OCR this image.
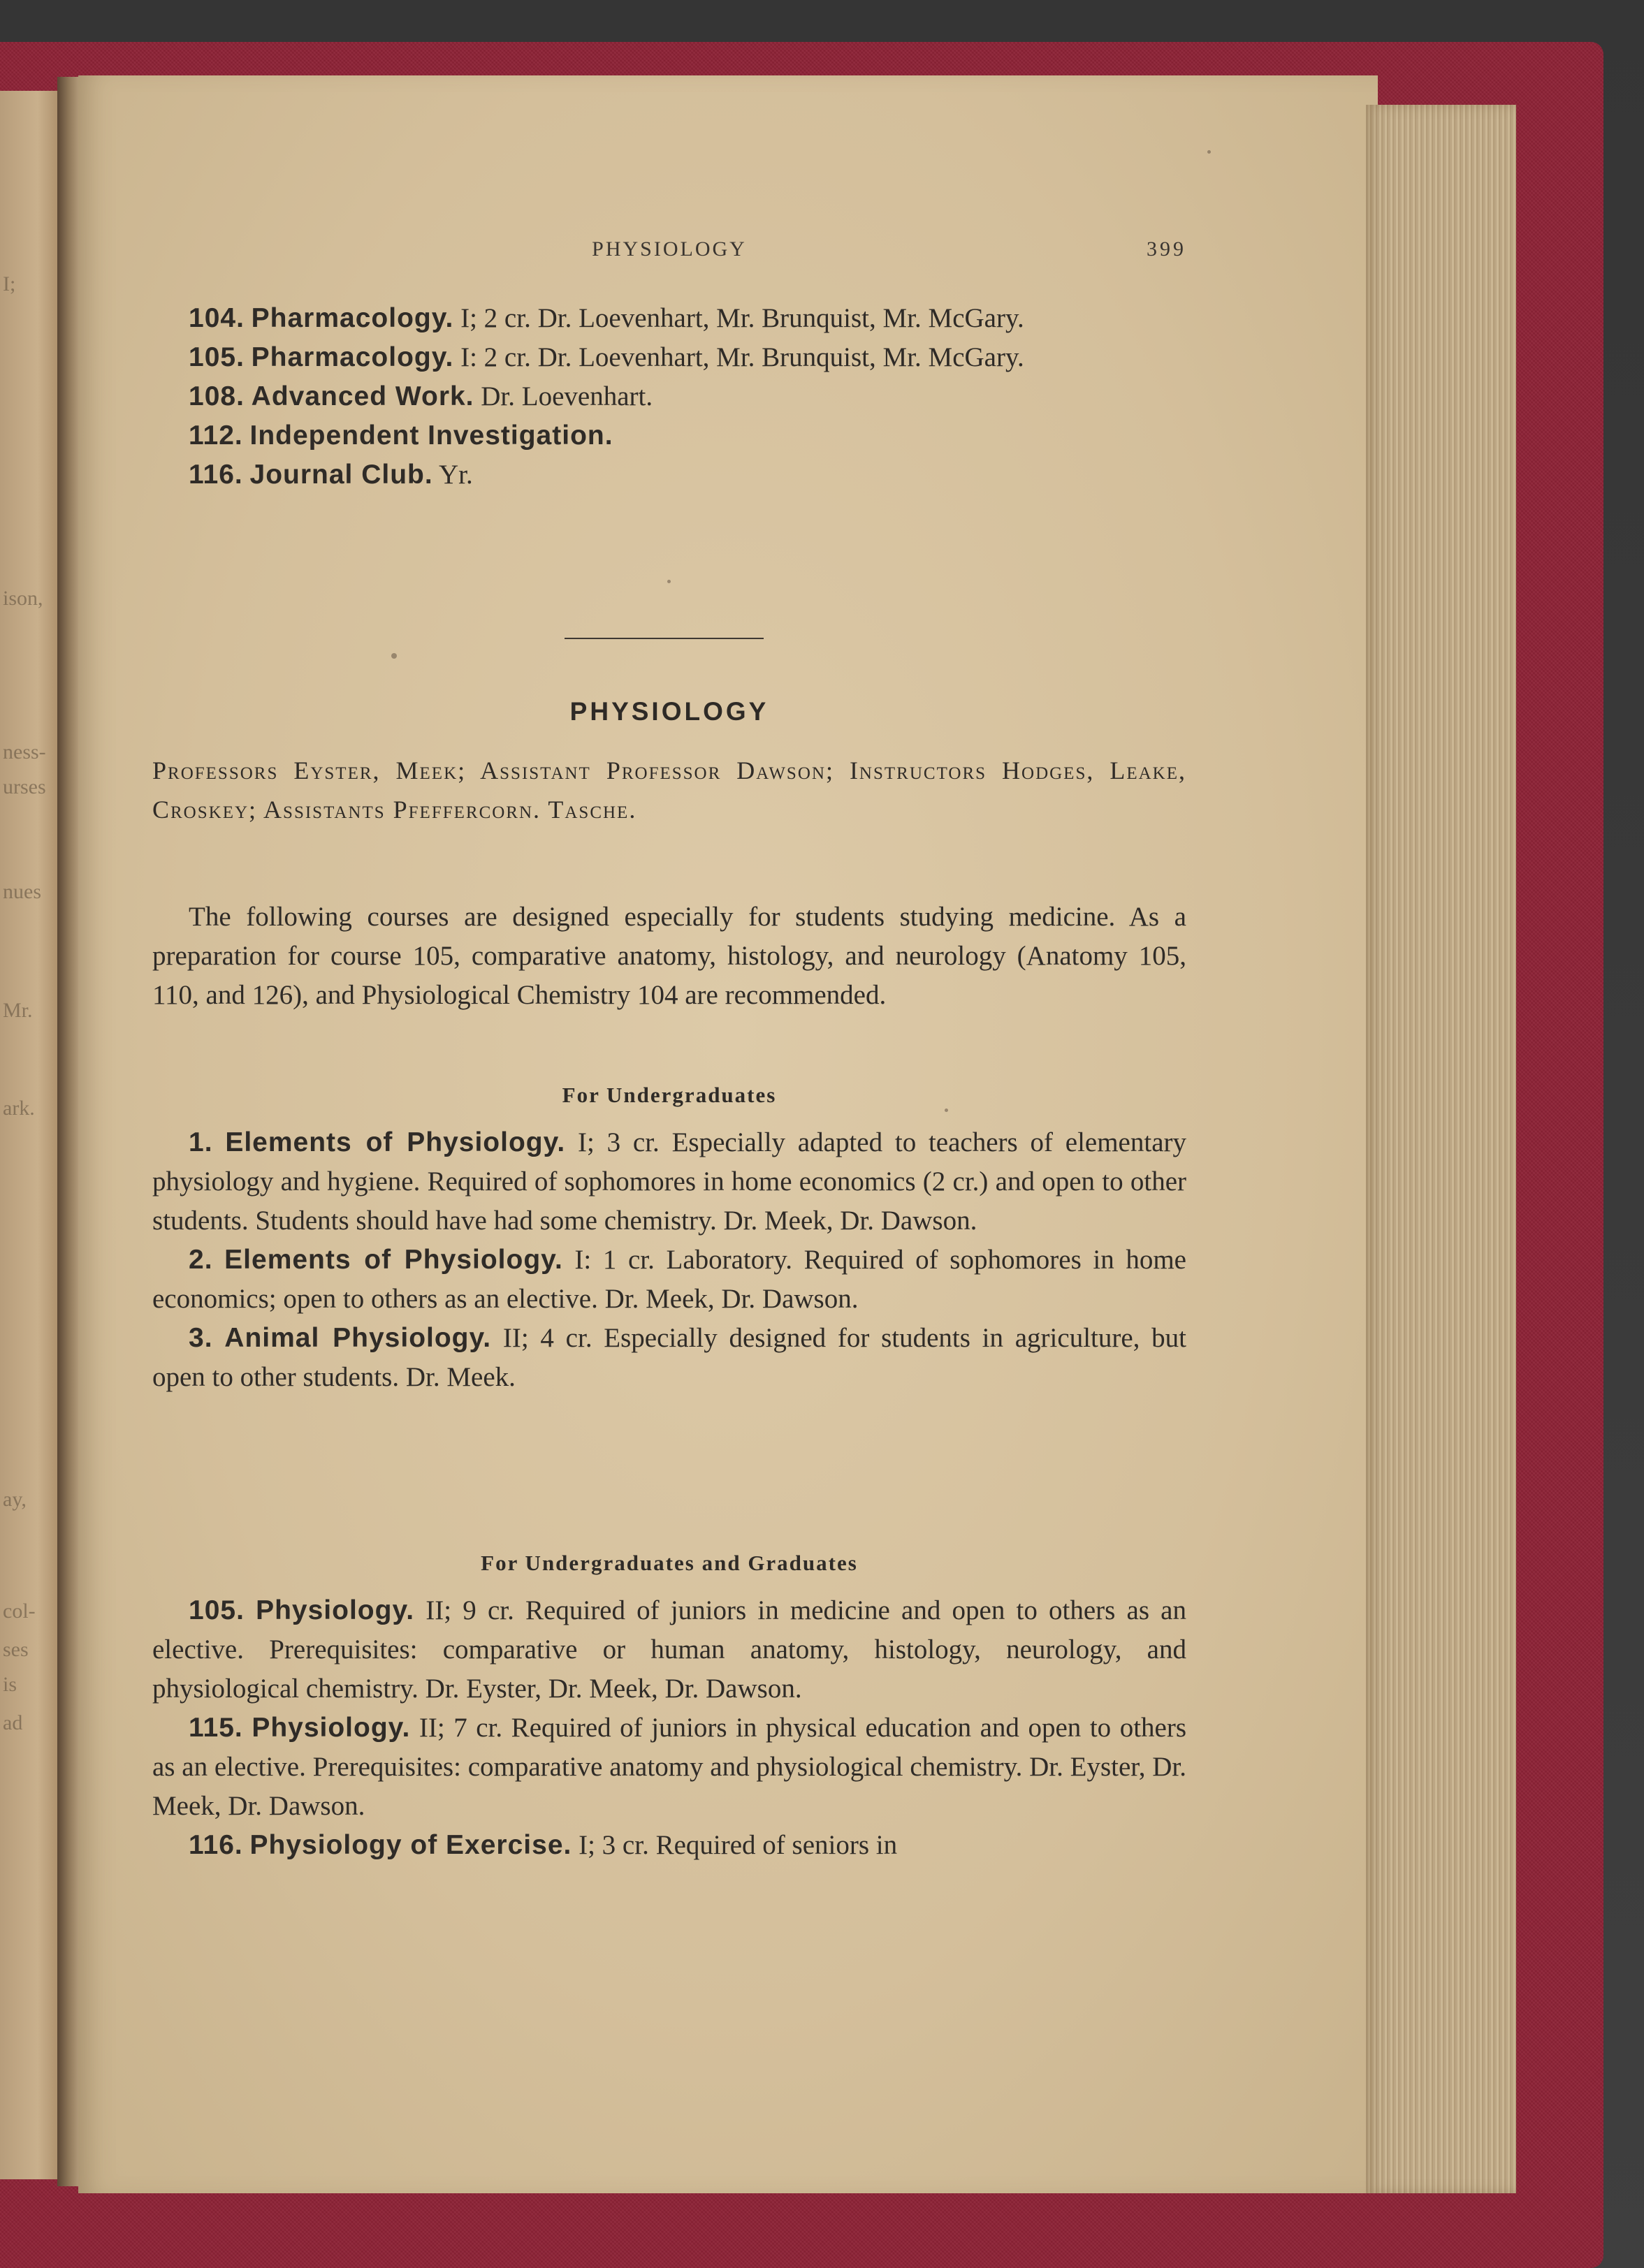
I;
ison,
ness-
urses
nues
Mr.
ark.
ay,
col-
ses
is
ad
PHYSIOLOGY	399

104. Pharmacology. I; 2 cr. Dr. Loevenhart, Mr. Brunquist, Mr. McGary.

105. Pharmacology. I: 2 cr. Dr. Loevenhart, Mr. Brunquist, Mr. McGary.

108. Advanced Work. Dr. Loevenhart.

112. Independent Investigation.

116. Journal Club. Yr.

PHYSIOLOGY
Professors Eyster, Meek; Assistant Professor Dawson; Instructors Hodges, Leake, Croskey; Assistants Pfeffercorn. Tasche.

The following courses are designed especially for students studying medicine. As a preparation for course 105, comparative anatomy, histology, and neurology (Anatomy 105, 110, and 126), and Physiological Chemistry 104 are recommended.

For Undergraduates

1. Elements of Physiology. I; 3 cr. Especially adapted to teachers of elementary physiology and hygiene. Required of sophomores in home economics (2 cr.) and open to other students. Students should have had some chemistry. Dr. Meek, Dr. Dawson.

2. Elements of Physiology. I: 1 cr. Laboratory. Required of sophomores in home economics; open to others as an elective. Dr. Meek, Dr. Dawson.

3. Animal Physiology. II; 4 cr. Especially designed for students in agriculture, but open to other students. Dr. Meek.

For Undergraduates and Graduates

105. Physiology. II; 9 cr. Required of juniors in medicine and open to others as an elective. Prerequisites: comparative or human anatomy, histology, neurology, and physiological chemistry. Dr. Eyster, Dr. Meek, Dr. Dawson.

115. Physiology. II; 7 cr. Required of juniors in physical education and open to others as an elective. Prerequisites: comparative anatomy and physiological chemistry. Dr. Eyster, Dr. Meek, Dr. Dawson.

116. Physiology of Exercise. I; 3 cr. Required of seniors in
